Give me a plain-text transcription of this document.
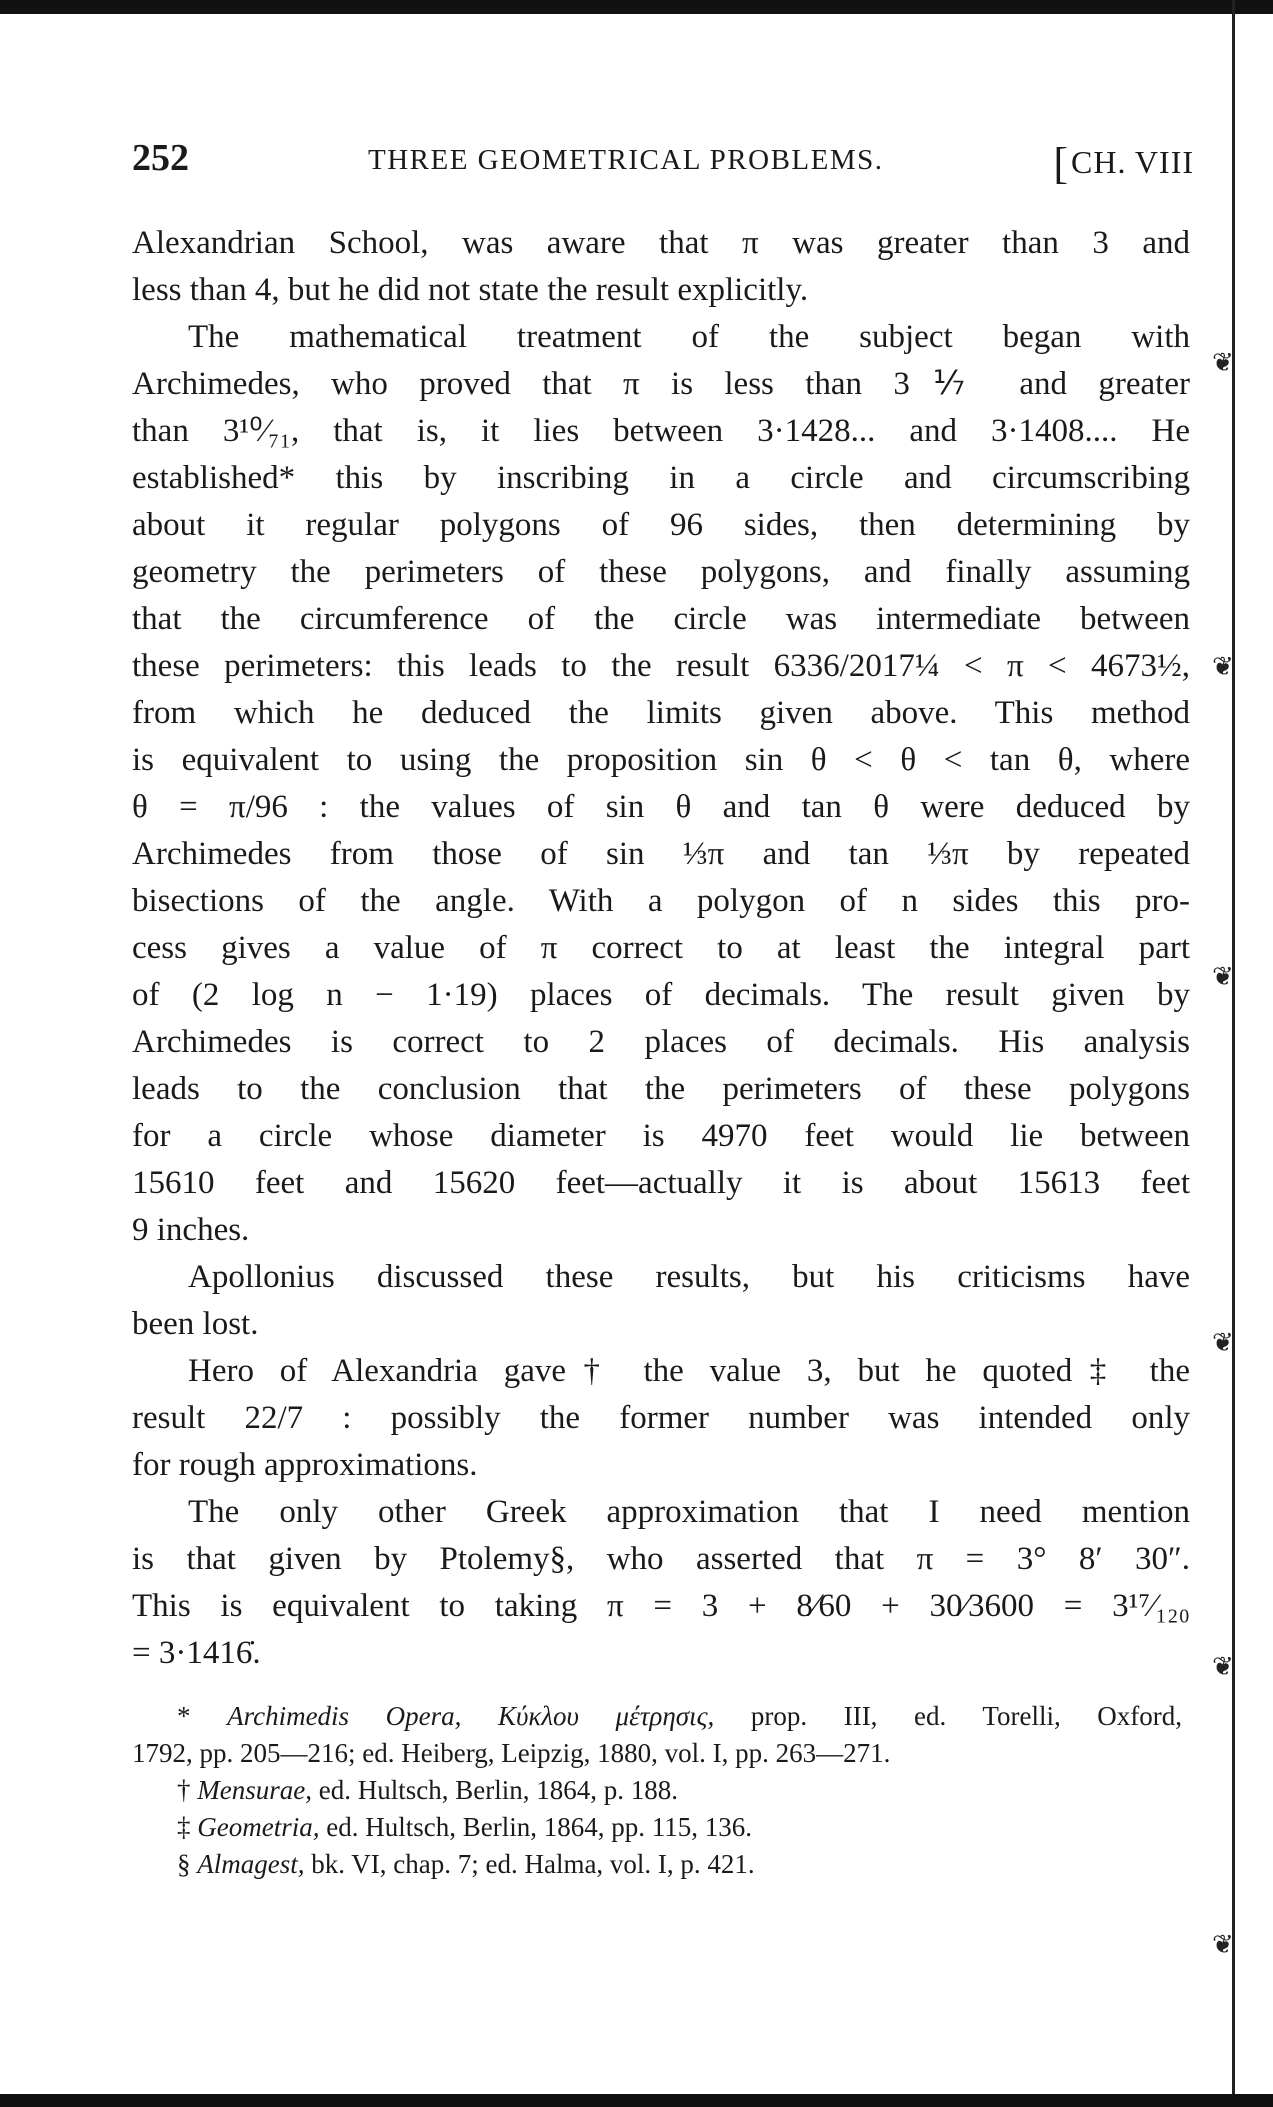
❦
❦
❦
❦
❦
❦
252	THREE GEOMETRICAL PROBLEMS.	[CH. VIII
Alexandrian School, was aware that π was greater than 3 and
less than 4, but he did not state the result explicitly.
The mathematical treatment of the subject began with
Archimedes, who proved that π is less than 3⅐ and greater
than 3¹⁰⁄₇₁, that is, it lies between 3·1428... and 3·1408.... He
established* this by inscribing in a circle and circumscribing
about it regular polygons of 96 sides, then determining by
geometry the perimeters of these polygons, and finally assuming
that the circumference of the circle was intermediate between
these perimeters: this leads to the result 6336/2017¼ < π < 4673½,
from which he deduced the limits given above. This method
is equivalent to using the proposition sin θ < θ < tan θ, where
θ = π/96 : the values of sin θ and tan θ were deduced by
Archimedes from those of sin ⅓π and tan ⅓π by repeated
bisections of the angle. With a polygon of n sides this pro-
cess gives a value of π correct to at least the integral part
of (2 log n − 1·19) places of decimals. The result given by
Archimedes is correct to 2 places of decimals. His analysis
leads to the conclusion that the perimeters of these polygons
for a circle whose diameter is 4970 feet would lie between
15610 feet and 15620 feet—actually it is about 15613 feet
9 inches.
Apollonius discussed these results, but his criticisms have
been lost.
Hero of Alexandria gave† the value 3, but he quoted‡ the
result 22/7 : possibly the former number was intended only
for rough approximations.
The only other Greek approximation that I need mention
is that given by Ptolemy§, who asserted that π = 3° 8′ 30″.
This is equivalent to taking π = 3 + 8⁄60 + 30⁄3600 = 3¹⁷⁄₁₂₀
= 3·1416̇.
* Archimedis Opera, Κύκλου μέτρησις, prop. III, ed. Torelli, Oxford,
1792, pp. 205—216; ed. Heiberg, Leipzig, 1880, vol. I, pp. 263—271.
† Mensurae, ed. Hultsch, Berlin, 1864, p. 188.
‡ Geometria, ed. Hultsch, Berlin, 1864, pp. 115, 136.
§ Almagest, bk. VI, chap. 7; ed. Halma, vol. I, p. 421.
